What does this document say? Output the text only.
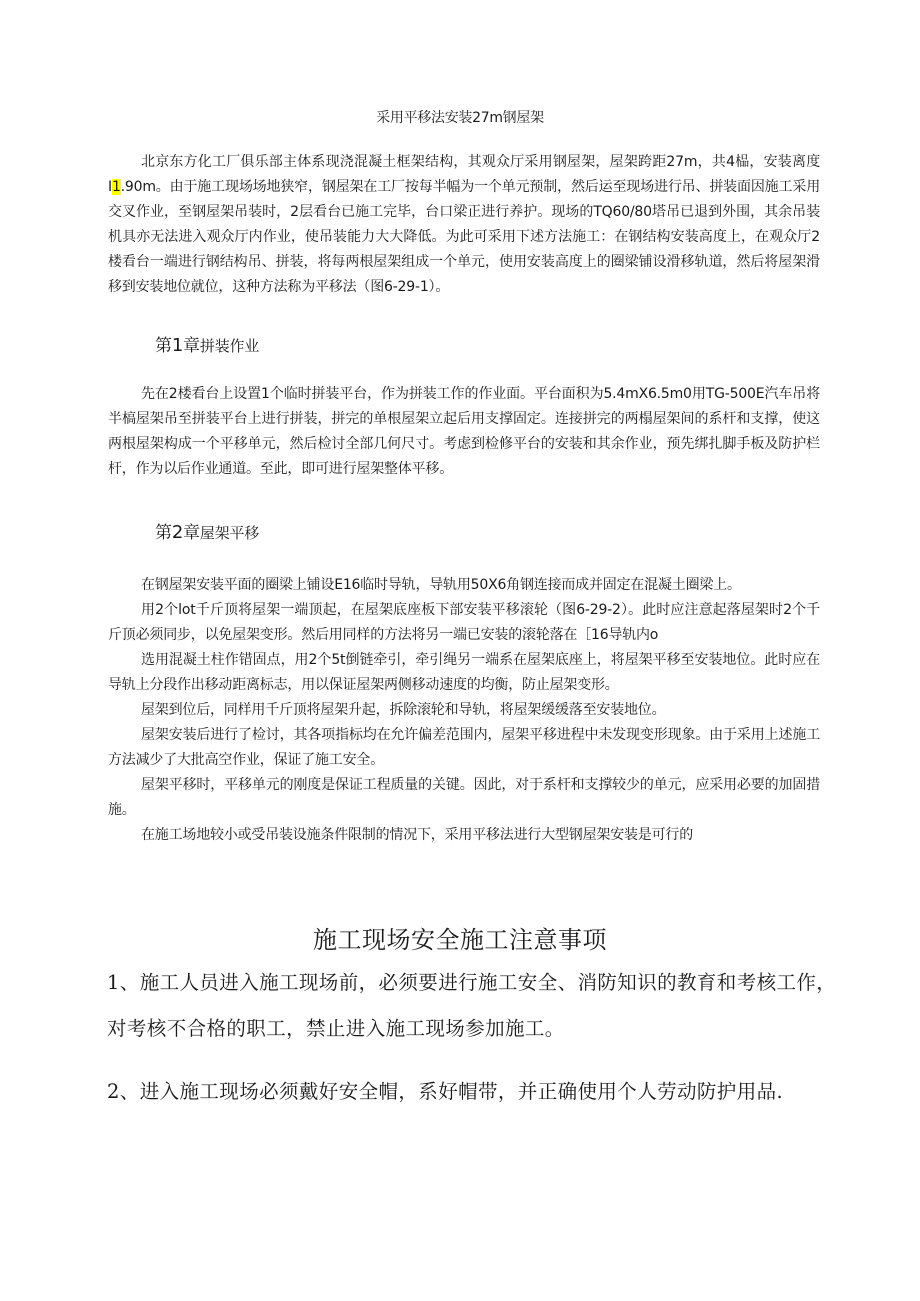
采用平移法安装27m钢屋架

北京东方化工厂俱乐部主体系现浇混凝土框架结构，其观众厅采用钢屋架，屋架跨距27m，共4榀，安装离度I1.90m。由于施工现场场地狭窄，钢屋架在工厂按每半幅为一个单元预制，然后运至现场进行吊、拼装面因施工采用交叉作业，至钢屋架吊装时，2层看台已施工完毕，台口梁正进行养护。现场的TQ60/80塔吊已退到外围，其余吊装机具亦无法进入观众厅内作业，使吊装能力大大降低。为此可采用下述方法施工：在钢结构安装高度上，在观众厅2楼看台一端进行钢结构吊、拼装，将每两根屋架组成一个单元，使用安装高度上的圈梁铺设滑移轨道，然后将屋架滑移到安装地位就位，这种方法称为平移法（图6-29-1）。

第1章拼装作业

先在2楼看台上设置1个临时拼装平台，作为拼装工作的作业面。平台面积为5.4mX6.5m0用TG-500E汽车吊将半槁屋架吊至拼装平台上进行拼装，拼完的单根屋架立起后用支撑固定。连接拼完的两榻屋架间的系杆和支撑，使这两根屋架构成一个平移单元，然后检讨全部几何尺寸。考虑到检修平台的安装和其余作业，预先绑扎脚手板及防护栏杆，作为以后作业通道。至此，即可进行屋架整体平移。

第2章屋架平移

在钢屋架安装平面的圈梁上铺设E16临时导轨，导轨用50X6角钢连接而成并固定在混凝土圈梁上。

用2个lot千斤顶将屋架一端顶起，在屋架底座板下部安装平移滚轮（图6-29-2）。此时应注意起落屋架时2个千斤顶必须同步，以免屋架变形。然后用同样的方法将另一端已安装的滚轮落在［16导轨内o

选用混凝土柱作错固点，用2个5t倒链牵引，牵引绳另一端系在屋架底座上，将屋架平移至安装地位。此时应在导轨上分段作出移动距离标志，用以保证屋架两侧移动速度的均衡，防止屋架变形。

屋架到位后，同样用千斤顶将屋架升起，拆除滚轮和导轨，将屋架缓缓落至安装地位。

屋架安装后进行了检讨，其各项指标均在允许偏差范围内，屋架平移进程中未发现变形现象。由于采用上述施工方法减少了大批高空作业，保证了施工安全。

屋架平移时，平移单元的刚度是保证工程质量的关键。因此，对于系杆和支撑较少的单元，应采用必要的加固措施。

在施工场地较小或受吊装设施条件限制的情况下，采用平移法进行大型钢屋架安装是可行的

施工现场安全施工注意事项

1、施工人员进入施工现场前，必须要进行施工安全、消防知识的教育和考核工作，对考核不合格的职工，禁止进入施工现场参加施工。

2、进入施工现场必须戴好安全帽，系好帽带，并正确使用个人劳动防护用品.
